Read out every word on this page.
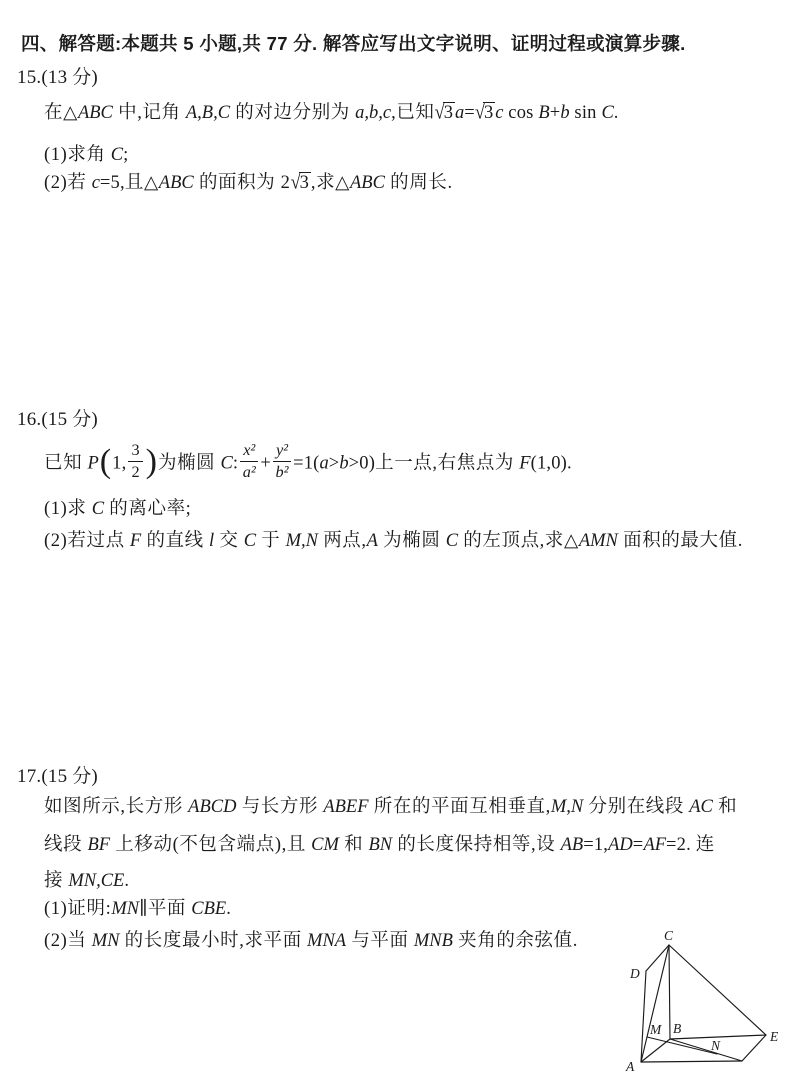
四、解答题:本题共 5 小题,共 77 分. 解答应写出文字说明、证明过程或演算步骤.
15.(13 分)
在△ABC 中,记角 A,B,C 的对边分别为 a,b,c,已知√3 a=√3 c cos B+b sin C.
(1)求角 C;
(2)若 c=5,且△ABC 的面积为 2√3 ,求△ABC 的周长.
16.(15 分)
已知 P(1, $\frac{3}{2}$ )为椭圆 C: $\frac{\text{x²}}{\text{a²}} + \frac{\text{y²}}{\text{b²}} =1(a>b>0)$上一点,右焦点为 F(1,0).
(1)求 C 的离心率;
(2)若过点 F 的直线 l 交 C 于 M,N 两点,A 为椭圆 C 的左顶点,求△AMN 面积的最大值.
17.(15 分)
如图所示,长方形 ABCD 与长方形 ABEF 所在的平面互相垂直,M,N 分别在线段 AC 和
线段 BF 上移动(不包含端点),且 CM 和 BN 的长度保持相等,设 AB=1,AD=AF=2. 连
接 MN,CE.
(1)证明:MN∥平面 CBE.
(2)当 MN 的长度最小时,求平面 MNA 与平面 MNB 夹角的余弦值.	C
D
M B
E
N
A
